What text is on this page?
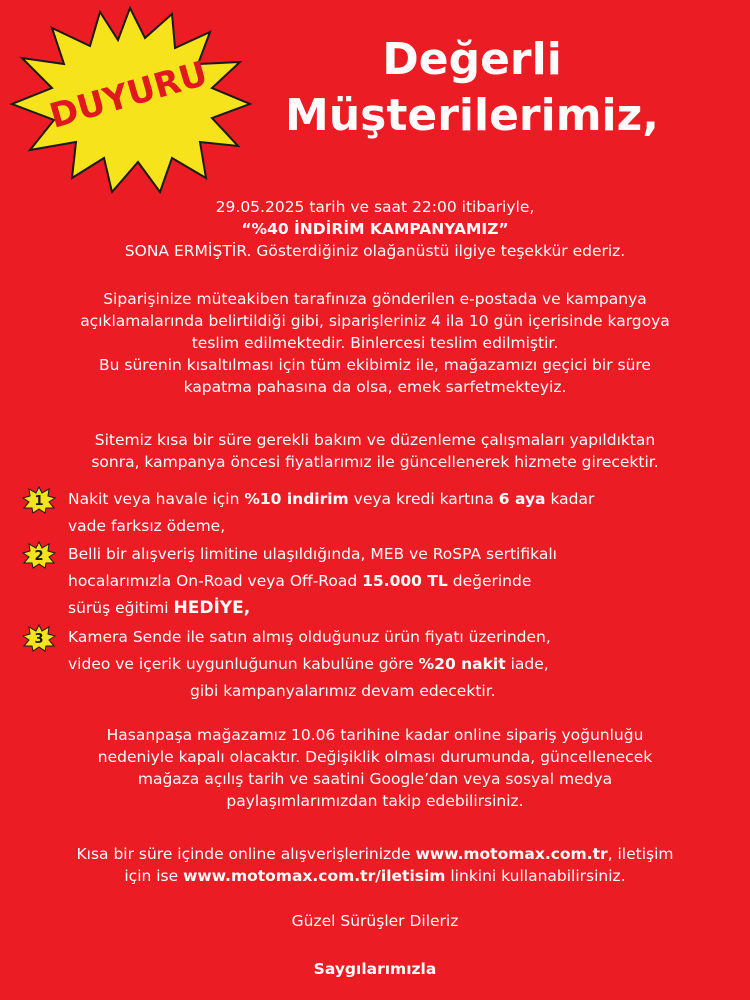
DUYURU	Değerli
Müşterilerimiz,

29.05.2025 tarih ve saat 22:00 itibariyle,
“%40 İNDİRİM KAMPANYAMIZ”
SONA ERMİŞTİR. Gösterdiğiniz olağanüstü ilgiye teşekkür ederiz.

Siparişinize müteakiben tarafınıza gönderilen e-postada ve kampanya
açıklamalarında belirtildiği gibi, siparişleriniz 4 ila 10 gün içerisinde kargoya
teslim edilmektedir. Binlercesi teslim edilmiştir.
Bu sürenin kısaltılması için tüm ekibimiz ile, mağazamızı geçici bir süre
kapatma pahasına da olsa, emek sarfetmekteyiz.

Sitemiz kısa bir süre gerekli bakım ve düzenleme çalışmaları yapıldıktan
sonra, kampanya öncesi fiyatlarımız ile güncellenerek hizmete girecektir.

1 Nakit veya havale için %10 indirim veya kredi kartına 6 aya kadar
vade farksız ödeme,
2 Belli bir alışveriş limitine ulaşıldığında, MEB ve RoSPA sertifikalı
hocalarımızla On-Road veya Off-Road 15.000 TL değerinde
sürüş eğitimi HEDİYE,
3 Kamera Sende ile satın almış olduğunuz ürün fiyatı üzerinden,
video ve içerik uygunluğunun kabulüne göre %20 nakit iade,
gibi kampanyalarımız devam edecektir.

Hasanpaşa mağazamız 10.06 tarihine kadar online sipariş yoğunluğu
nedeniyle kapalı olacaktır. Değişiklik olması durumunda, güncellenecek
mağaza açılış tarih ve saatini Google’dan veya sosyal medya
paylaşımlarımızdan takip edebilirsiniz.

Kısa bir süre içinde online alışverişlerinizde www.motomax.com.tr, iletişim
için ise www.motomax.com.tr/iletisim linkini kullanabilirsiniz.

Güzel Sürüşler Dileriz

Saygılarımızla
